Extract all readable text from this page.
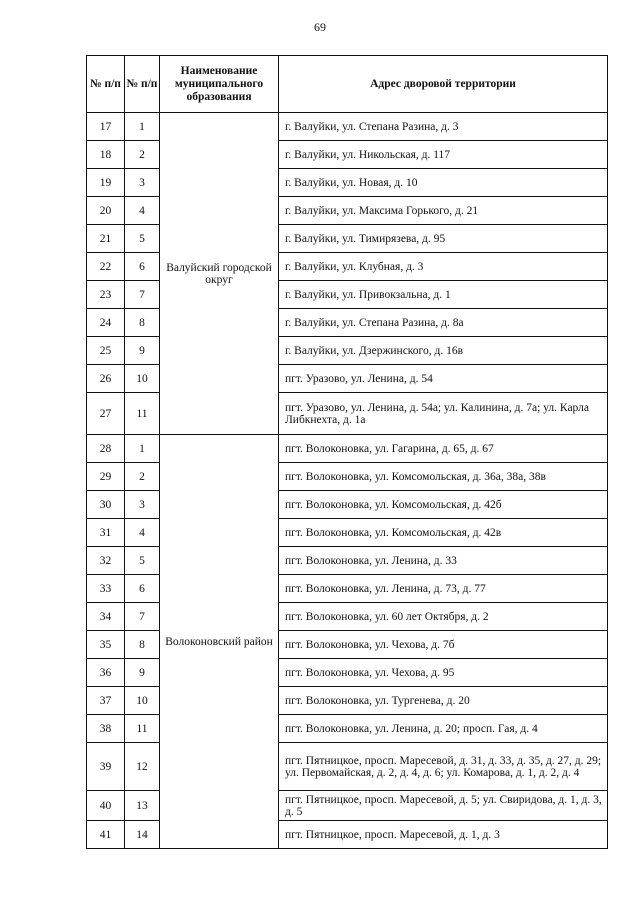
69
№ п/п	№ п/п	Наименование муниципального образования	Адрес дворовой территории
17	1	Валуйский городской округ	г. Валуйки, ул. Степана Разина, д. 3
18	2		г. Валуйки, ул. Никольская, д. 117
19	3		г. Валуйки, ул. Новая, д. 10
20	4		г. Валуйки, ул. Максима Горького, д. 21
21	5		г. Валуйки, ул. Тимирязева, д. 95
22	6		г. Валуйки, ул. Клубная, д. 3
23	7		г. Валуйки, ул. Привокзальна, д. 1
24	8		г. Валуйки, ул. Степана Разина, д. 8а
25	9		г. Валуйки, ул. Дзержинского, д. 16в
26	10		пгт. Уразово, ул. Ленина, д. 54
27	11		пгт. Уразово, ул. Ленина, д. 54а; ул. Калинина, д. 7а; ул. Карла Либкнехта, д. 1а
28	1	Волоконовский район	пгт. Волоконовка, ул. Гагарина, д. 65, д. 67
29	2		пгт. Волоконовка, ул. Комсомольская, д. 36а, 38а, 38в
30	3		пгт. Волоконовка, ул. Комсомольская, д. 42б
31	4		пгт. Волоконовка, ул. Комсомольская, д. 42в
32	5		пгт. Волоконовка, ул. Ленина, д. 33
33	6		пгт. Волоконовка, ул. Ленина, д. 73, д. 77
34	7		пгт. Волоконовка, ул. 60 лет Октября, д. 2
35	8		пгт. Волоконовка, ул. Чехова, д. 7б
36	9		пгт. Волоконовка, ул. Чехова, д. 95
37	10		пгт. Волоконовка, ул. Тургенева, д. 20
38	11		пгт. Волоконовка, ул. Ленина, д. 20; просп. Гая, д. 4
39	12		пгт. Пятницкое, просп. Маресевой, д. 31, д. 33, д. 35, д. 27, д. 29; ул. Первомайская, д. 2, д. 4, д. 6; ул. Комарова, д. 1, д. 2, д. 4
40	13		пгт. Пятницкое, просп. Маресевой, д. 5; ул. Свиридова, д. 1, д. 3, д. 5
41	14		пгт. Пятницкое, просп. Маресевой, д. 1, д. 3
